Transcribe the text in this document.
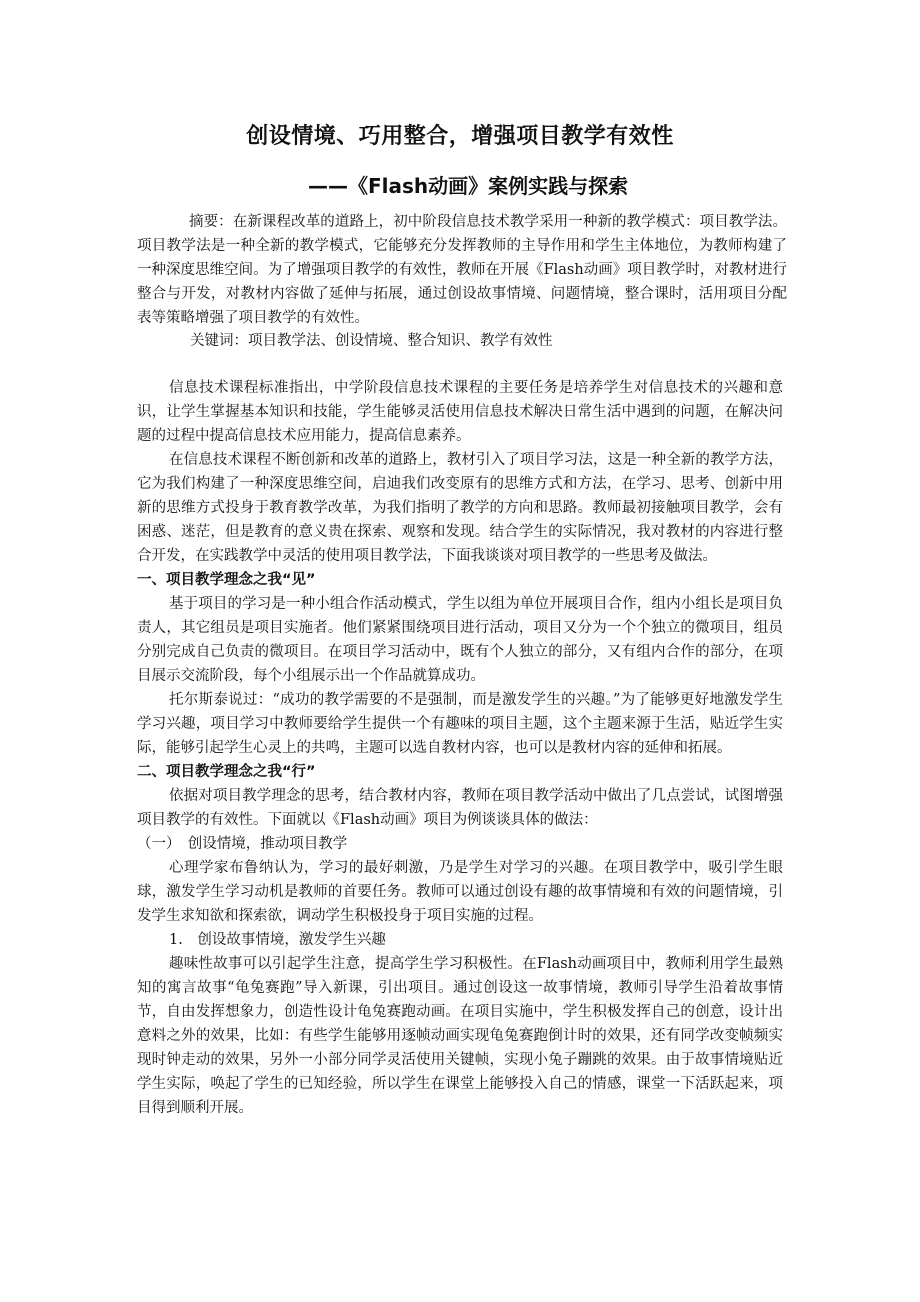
创设情境、巧用整合，增强项目教学有效性
——《Flash动画》案例实践与探索

摘要：在新课程改革的道路上，初中阶段信息技术教学采用一种新的教学模式：项目教学法。项目教学法是一种全新的教学模式，它能够充分发挥教师的主导作用和学生主体地位，为教师构建了一种深度思维空间。为了增强项目教学的有效性，教师在开展《Flash动画》项目教学时，对教材进行整合与开发，对教材内容做了延伸与拓展，通过创设故事情境、问题情境，整合课时，活用项目分配表等策略增强了项目教学的有效性。

关键词：项目教学法、创设情境、整合知识、教学有效性

信息技术课程标准指出，中学阶段信息技术课程的主要任务是培养学生对信息技术的兴趣和意识，让学生掌握基本知识和技能，学生能够灵活使用信息技术解决日常生活中遇到的问题，在解决问题的过程中提高信息技术应用能力，提高信息素养。

在信息技术课程不断创新和改革的道路上，教材引入了项目学习法，这是一种全新的教学方法，它为我们构建了一种深度思维空间，启迪我们改变原有的思维方式和方法，在学习、思考、创新中用新的思维方式投身于教育教学改革，为我们指明了教学的方向和思路。教师最初接触项目教学，会有困惑、迷茫，但是教育的意义贵在探索、观察和发现。结合学生的实际情况，我对教材的内容进行整合开发，在实践教学中灵活的使用项目教学法，下面我谈谈对项目教学的一些思考及做法。

一、项目教学理念之我“见”

基于项目的学习是一种小组合作活动模式，学生以组为单位开展项目合作，组内小组长是项目负责人，其它组员是项目实施者。他们紧紧围绕项目进行活动，项目又分为一个个独立的微项目，组员分别完成自己负责的微项目。在项目学习活动中，既有个人独立的部分，又有组内合作的部分，在项目展示交流阶段，每个小组展示出一个作品就算成功。

托尔斯泰说过：“成功的教学需要的不是强制，而是激发学生的兴趣。”为了能够更好地激发学生学习兴趣，项目学习中教师要给学生提供一个有趣味的项目主题，这个主题来源于生活，贴近学生实际，能够引起学生心灵上的共鸣，主题可以选自教材内容，也可以是教材内容的延伸和拓展。

二、项目教学理念之我“行”

依据对项目教学理念的思考，结合教材内容，教师在项目教学活动中做出了几点尝试，试图增强项目教学的有效性。下面就以《Flash动画》项目为例谈谈具体的做法：

（一）　创设情境，推动项目教学

心理学家布鲁纳认为，学习的最好刺激，乃是学生对学习的兴趣。在项目教学中，吸引学生眼球，激发学生学习动机是教师的首要任务。教师可以通过创设有趣的故事情境和有效的问题情境，引发学生求知欲和探索欲，调动学生积极投身于项目实施的过程。

1.　创设故事情境，激发学生兴趣

趣味性故事可以引起学生注意，提高学生学习积极性。在Flash动画项目中，教师利用学生最熟知的寓言故事“龟兔赛跑”导入新课，引出项目。通过创设这一故事情境，教师引导学生沿着故事情节，自由发挥想象力，创造性设计龟兔赛跑动画。在项目实施中，学生积极发挥自己的创意，设计出意料之外的效果，比如：有些学生能够用逐帧动画实现龟兔赛跑倒计时的效果，还有同学改变帧频实现时钟走动的效果，另外一小部分同学灵活使用关键帧，实现小兔子蹦跳的效果。由于故事情境贴近学生实际，唤起了学生的已知经验，所以学生在课堂上能够投入自己的情感，课堂一下活跃起来，项目得到顺利开展。
